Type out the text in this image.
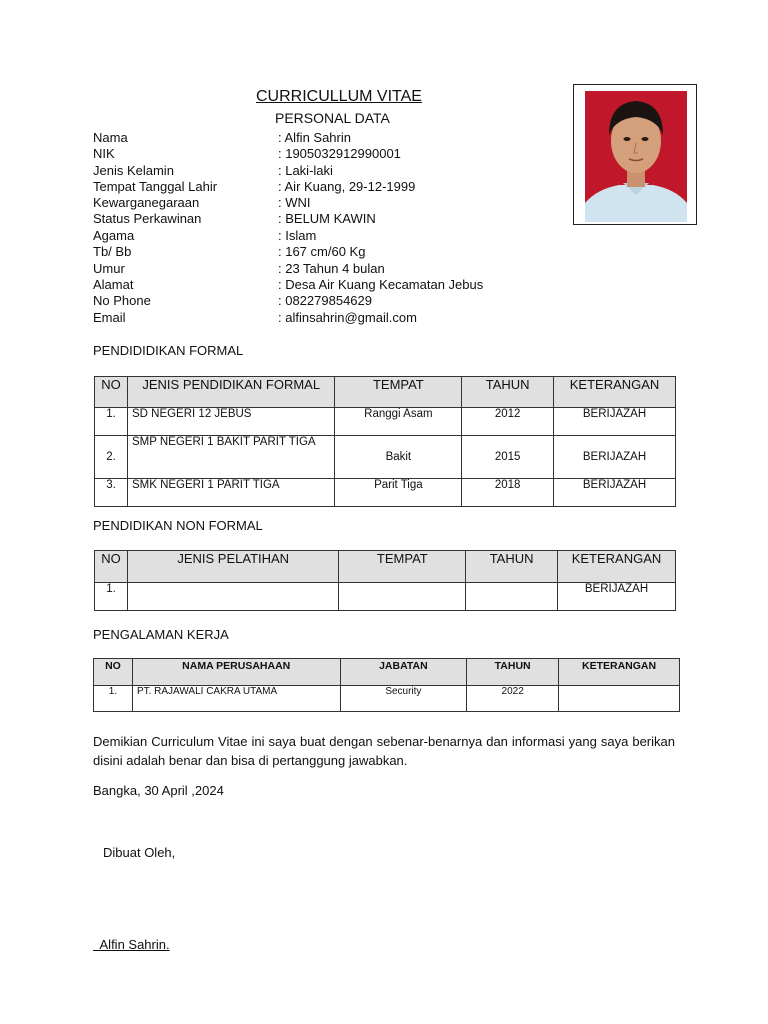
CURRICULLUM VITAE
PERSONAL DATA
Nama	: Alfin Sahrin
NIK	: 1905032912990001
Jenis Kelamin	: Laki-laki
Tempat Tanggal Lahir	: Air Kuang, 29-12-1999
Kewarganegaraan	: WNI
Status Perkawinan	: BELUM KAWIN
Agama	: Islam
Tb/ Bb	: 167 cm/60 Kg
Umur	: 23 Tahun 4 bulan
Alamat	: Desa Air Kuang Kecamatan Jebus
No Phone	: 082279854629
Email	: alfinsahrin@gmail.com
PENDIDIDIKAN FORMAL
NO	JENIS PENDIDIKAN FORMAL	TEMPAT	TAHUN	KETERANGAN
1.	SD NEGERI 12 JEBUS	Ranggi Asam	2012	BERIJAZAH
2.	SMP NEGERI 1 BAKIT PARIT TIGA	Bakit	2015	BERIJAZAH
3.	SMK NEGERI 1 PARIT TIGA	Parit Tiga	2018	BERIJAZAH
PENDIDIKAN NON FORMAL
NO	JENIS PELATIHAN	TEMPAT	TAHUN	KETERANGAN
1.				BERIJAZAH
PENGALAMAN KERJA
NO	NAMA PERUSAHAAN	JABATAN	TAHUN	KETERANGAN
1.	PT. RAJAWALI CAKRA UTAMA	Security	2022	
Demikian Curriculum Vitae ini saya buat dengan sebenar-benarnya dan informasi yang saya berikan disini adalah benar dan bisa di pertanggung jawabkan.
Bangka, 30 April ,2024
Dibuat Oleh,
Alfin Sahrin.
